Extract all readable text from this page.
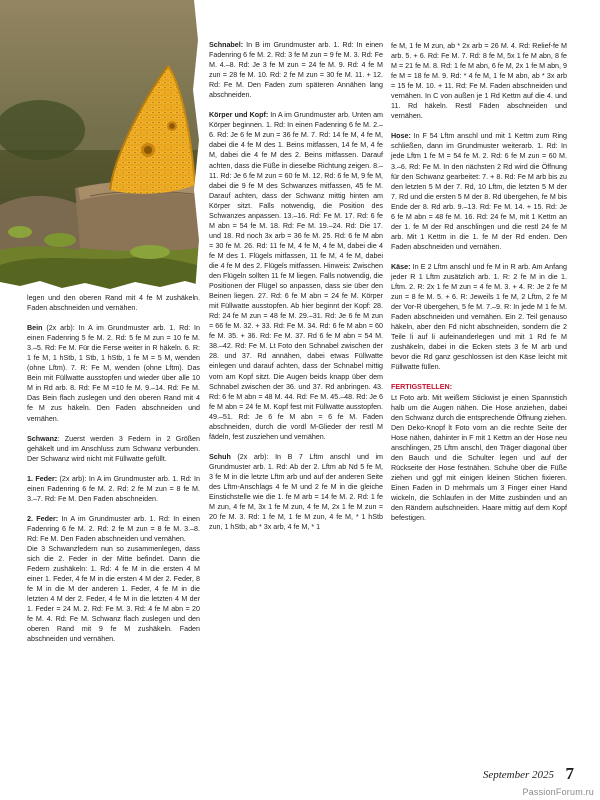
legen und den oberen Rand mit 4 fe M zushäkeln. Faden abschneiden und vernähen.

Bein (2x arb): In A im Grundmuster arb. 1. Rd: In einen Fadenring 5 fe M. 2. Rd: 5 fe M zun = 10 fe M. 3.–5. Rd: Fe M. Für die Ferse weiter in R häkeln. 6. R: 1 fe M, 1 hStb, 1 Stb, 1 hStb, 1 fe M = 5 M, wenden (ohne Lftm). 7. R: Fe M, wenden (ohne Lftm). Das Bein mit Füllwatte ausstopfen und wieder über alle 10 M in Rd arb. 8. Rd: Fe M =10 fe M. 9.–14. Rd: Fe M. Das Bein flach zuslegen und den oberen Rand mit 4 fe M zus häkeln. Den Faden abschneiden und vernähen.

Schwanz: Zuerst werden 3 Federn in 2 Größen gehäkelt und im Anschluss zum Schwanz verbunden. Der Schwanz wird nicht mit Füllwatte gefüllt.

1. Feder: (2x arb): In A im Grundmuster arb. 1. Rd: In einen Fadenring 6 fe M. 2. Rd: 2 fe M zun = 8 fe M. 3.–7. Rd: Fe M. Den Faden abschneiden.

2. Feder: In A im Grundmuster arb. 1. Rd: In einen Fadenring 6 fe M. 2. Rd: 2 fe M zun = 8 fe M. 3.–8. Rd: Fe M. Den Faden abschneiden und vernähen.

Die 3 Schwanzfedern nun so zusammenlegen, dass sich die 2. Feder in der Mitte befindet. Dann die Federn zushäkeln: 1. Rd: 4 fe M in die ersten 4 M einer 1. Feder, 4 fe M in die ersten 4 M der 2. Feder, 8 fe M in die M der anderen 1. Feder, 4 fe M in die letzten 4 M der 2. Feder, 4 fe M in die letzten 4 M der 1. Feder = 24 M. 2. Rd: Fe M. 3. Rd: 4 fe M abn = 20 fe M. 4. Rd: Fe M. Schwanz flach zuslegen und den oberen Rand mit 9 fe M zushäkeln. Faden abschneiden und vernähen.

Schnabel: In B im Grundmuster arb. 1. Rd: In einen Fadenring 6 fe M. 2. Rd: 3 fe M zun = 9 fe M. 3. Rd: Fe M. 4.–8. Rd: Je 3 fe M zun = 24 fe M. 9. Rd: 4 fe M zun = 28 fe M. 10. Rd: 2 fe M zun = 30 fe M. 11. + 12. Rd: Fe M. Den Faden zum späteren Annähen lang abschneiden.

Körper und Kopf: In A im Grundmuster arb. Unten am Körper beginnen. 1. Rd: In einen Fadenring 6 fe M. 2.–6. Rd: Je 6 fe M zun = 36 fe M. 7. Rd: 14 fe M, 4 fe M, dabei die 4 fe M des 1. Beins mitfassen, 14 fe M, 4 fe M, dabei die 4 fe M des 2. Beins mitfassen. Darauf achten, dass die Füße in dieselbe Richtung zeigen. 8.–11. Rd: Je 6 fe M zun = 60 fe M. 12. Rd: 6 fe M, 9 fe M, dabei die 9 fe M des Schwanzes mitfassen, 45 fe M. Darauf achten, dass der Schwanz mittig hinten am Körper sitzt. Falls notwendig, die Position des Schwanzes anpassen. 13.–16. Rd: Fe M. 17. Rd: 6 fe M abn = 54 fe M. 18. Rd: Fe M. 19.–24. Rd: Die 17. und 18. Rd noch 3x arb = 36 fe M. 25. Rd: 6 fe M abn = 30 fe M. 26. Rd: 11 fe M, 4 fe M, 4 fe M, dabei die 4 fe M des 1. Flügels mitfassen, 11 fe M, 4 fe M, dabei die 4 fe M des 2. Flügels mitfassen. Hinweis: Zwischen den Flügeln sollten 11 fe M liegen. Falls notwendig, die Positionen der Flügel so anpassen, dass sie über den Beinen liegen. 27. Rd: 6 fe M abn = 24 fe M. Körper mit Füllwatte ausstopfen. Ab hier beginnt der Kopf: 28. Rd: 24 fe M zun = 48 fe M. 29.–31. Rd: Je 6 fe M zun = 66 fe M. 32. + 33. Rd: Fe M. 34. Rd: 6 fe M abn = 60 fe M. 35. + 36. Rd: Fe M. 37. Rd 6 fe M abn = 54 M. 38.–42. Rd: Fe M. Lt Foto den Schnabel zwischen der 28. und 37. Rd annähen, dabei etwas Füllwatte einlegen und darauf achten, dass der Schnabel mittig vorn am Kopf sitzt. Die Augen beids knapp über dem Schnabel zwischen der 36. und 37. Rd anbringen. 43. Rd: 6 fe M abn = 48 M. 44. Rd: Fe M. 45.–48. Rd: Je 6 fe M abn = 24 fe M. Kopf fest mit Füllwatte ausstopfen. 49.–51. Rd: Je 6 fe M abn = 6 fe M. Faden abschneiden, durch die vordl M-Glieder der restl M fädeln, fest zusziehen und vernähen.

Schuh (2x arb): In B 7 Lftm anschl und im Grundmuster arb. 1. Rd: Ab der 2. Lftm ab Nd 5 fe M, 3 fe M in die letzte Lftm arb und auf der anderen Seite des Lftm-Anschlags 4 fe M und 2 fe M in die gleiche Einstichstelle wie die 1. fe M arb = 14 fe M. 2. Rd: 1 fe M zun, 4 fe M, 3x 1 fe M zun, 4 fe M, 2x 1 fe M zun = 20 fe M. 3. Rd: 1 fe M, 1 fe M zun, 4 fe M, * 1 hStb zun, 1 hStb, ab * 3x arb, 4 fe M, * 1

fe M, 1 fe M zun, ab * 2x arb = 26 M. 4. Rd: Relief-fe M arb. 5. + 6. Rd: Fe M. 7. Rd: 8 fe M, 5x 1 fe M abn, 8 fe M = 21 fe M. 8. Rd: 1 fe M abn, 6 fe M, 2x 1 fe M abn, 9 fe M = 18 fe M. 9. Rd: * 4 fe M, 1 fe M abn, ab * 3x arb = 15 fe M. 10. + 11. Rd: Fe M. Faden abschneiden und vernähen. In C von außen je 1 Rd Kettm auf die 4. und 11. Rd häkeln. Restl Fäden abschneiden und vernähen.

Hose: In F 54 Lftm anschl und mit 1 Kettm zum Ring schließen, dann im Grundmuster weiterarb. 1. Rd: In jede Lftm 1 fe M = 54 fe M. 2. Rd: 6 fe M zun = 60 M. 3.–6. Rd: Fe M. In den nächsten 2 Rd wird die Öffnung für den Schwanz gearbeitet: 7. + 8. Rd: Fe M arb bis zu den letzten 5 M der 7. Rd, 10 Lftm, die letzten 5 M der 7. Rd und die ersten 5 M der 8. Rd übergehen, fe M bis Ende der 8. Rd arb. 9.–13. Rd: Fe M. 14. + 15. Rd: Je 6 fe M abn = 48 fe M. 16. Rd: 24 fe M, mit 1 Kettm an der 1. fe M der Rd anschlingen und die restl 24 fe M arb. Mit 1 Kettm in die 1. fe M der Rd enden. Den Faden abschneiden und vernähen.

Käse: In E 2 Lftm anschl und fe M in R arb. Am Anfang jeder R 1 Lftm zusätzlich arb. 1. R: 2 fe M in die 1. Lftm. 2. R: 2x 1 fe M zun = 4 fe M. 3. + 4. R: Je 2 fe M zun = 8 fe M. 5. + 6. R: Jeweils 1 fe M, 2 Lftm, 2 fe M der Vor-R übergehen, 5 fe M. 7.–9. R: In jede M 1 fe M. Faden abschneiden und vernähen. Ein 2. Teil genauso häkeln, aber den Fd nicht abschneiden, sondern die 2 Teile li auf li aufeinanderlegen und mit 1 Rd fe M zushäkeln, dabei in die Ecken stets 3 fe M arb und bevor die Rd ganz geschlossen ist den Käse leicht mit Füllwatte füllen.

FERTIGSTELLEN:
Lt Foto arb. Mit weißem Stickwist je einen Spannstich halb um die Augen nähen. Die Hose anziehen, dabei den Schwanz durch die entsprechende Öffnung ziehen. Den Deko-Knopf lt Foto vorn an die rechte Seite der Hose nähen, dahinter in F mit 1 Kettm an der Hose neu anschlingen, 25 Lftm anschl, den Träger diagonal über den Bauch und die Schulter legen und auf der Rückseite der Hose festnähen. Schuhe über die Füße ziehen und ggf mit einigen kleinen Stichen fixieren. Einen Faden in D mehrmals um 3 Finger einer Hand wickeln, die Schlaufen in der Mitte zusbinden und an den Rändern aufschneiden. Haare mittig auf dem Kopf befestigen.

September 2025 7
PassionForum.ru
